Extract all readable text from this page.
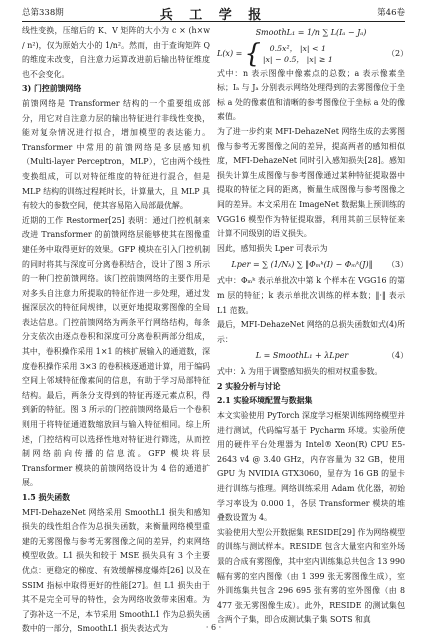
总第338期	兵 工 学 报	第46卷

线性变换，压缩后的 K、V 矩阵的大小为 c × (h×w / n²)，仅为原始大小的 1/n²。然而，由于查询矩阵 Q 的维度未改变，自注意力运算改进前后输出特征维度也不会变化。

3) 门控前馈网络

前馈网络是 Transformer 结构的一个重要组成部分，用它对自注意力层的输出特征进行非线性变换，能对复杂情况进行拟合，增加模型的表达能力。Transformer 中常用的前馈网络是多层感知机（Multi-layer Perceptron，MLP），它由两个线性变换组成，可以对特征维度的特征进行混合，但是 MLP 结构的训练过程耗时长，计算量大，且 MLP 具有较大的参数空间，使其容易陷入局部最优解。

近期的工作 Restormer[25] 表明：通过门控机制来改进 Transformer 的前馈网络层能够使其在图像重建任务中取得更好的效果。GFP 模块在引入门控机制的同时将其与深度可分离卷积结合，设计了图 3 所示的一种门控前馈网络。该门控前馈网络的主要作用是对多头自注意力所提取的特征作进一步处理，通过发掘深层次的特征间规律，以更好地提取雾图像的全局表达信息。门控前馈网络为两条平行网络结构，每条分支依次由逐点卷积和深度可分离卷积两部分组成，其中，卷积操作采用 1×1 的核扩展输入的通道数，深度卷积操作采用 3×3 的卷积核逐通道计算，用于编码空间上邻域特征像素间的信息，有助于学习局部特征结构。最后，两条分支得到的特征再逐元素点积，得到新的特征。图 3 所示的门控前馈网络最后一个卷积则用于将特征通道数缩放回与输入特征相同。综上所述，门控结构可以选择性地对特征进行筛选，从而控制网络前向传播的信息流。GFP 模块将层 Transformer 模块的前馈网络设计为 4 倍的通道扩展。

1.5 损失函数

MFI-DehazeNet 网络采用 SmoothL1 损失和感知损失的线性组合作为总损失函数，来衡量网络模型重建的无雾图像与参考无雾图像之间的差异，约束网络模型收敛。L1 损失和较于 MSE 损失具有 3 个主要优点：更稳定的梯度、有效缓解梯度爆炸[26] 以及在 SSIM 指标中取得更好的性能[27]。但 L1 损失由于其不是完全可导的特性，会为网络收敛带来困难。为了弥补这一不足，本节采用 SmoothL1 作为总损失函数中的一部分，SmoothL1 损失表达式为

SmoothL₁ = 1/n ∑ L(Iₐ − Jₐ)
L(x) = {	0.5x²， |x| < 1
|x| − 0.5， |x| ≥ 1
（2）

式中：n 表示图像中像素点的总数；a 表示像素坐标；Iₐ 与 Jₐ 分别表示网络处理得到的去雾图像位于坐标 a 处的像素值和清晰的参考图像位于坐标 a 处的像素值。

为了进一步约束 MFI-DehazeNet 网络生成的去雾图像与参考无雾图像之间的差异，提高两者的感知相似度，MFI-DehazeNet 同时引入感知损失[28]。感知损失计算生成图像与参考图像通过某种特征提取器中提取的特征之间的距离，衡量生成图像与参考图像之间的差异。本文采用在 ImageNet 数据集上预训练的 VGG16 模型作为特征提取器，利用其前三层特征来计算不同级别的语义损失。

因此，感知损失 Lper 可表示为

Lper = ∑ (1/Nₖ) ∑ ‖Φₘᵏ(I) − Φₘᵏ(J)‖	（3）

式中：Φₘᵏ 表示单批次中第 k 个样本在 VGG16 的第 m 层的特征；k 表示单批次训练的样本数；‖·‖ 表示 L1 范数。

最后，MFI-DehazeNet 网络的总损失函数如式(4)所示：

L = SmoothL₁ + λLper	（4）

式中：λ 为用于调整感知损失的相对权重参数。

2 实验分析与讨论

2.1 实验环境配置与数据集

本文实验使用 PyTorch 深度学习框架训练网络模型并进行测试，代码编写基于 Pycharm 环境。实验所使用的硬件平台处理器为 Intel® Xeon(R) CPU E5-2643 v4 @ 3.40 GHz，内存容量为 32 GB，使用 GPU 为 NVIDIA GTX3060，显存为 16 GB 的显卡进行训练与推理。网络训练采用 Adam 优化器，初始学习率设为 0.000 1，各层 Transformer 模块的堆叠数设置为 4。

实验使用大型公开数据集 RESIDE[29] 作为网络模型的训练与测试样本。RESIDE 包含大量室内和室外场景的合成有雾图像，其中室内训练集总共包含 13 990 幅有雾的室内图像（由 1 399 张无雾图像生成），室外训练集共包含 296 695 张有雾的室外图像（由 8 477 张无雾图像生成）。此外，RESIDE 的测试集包含两个子集，即合成测试集子集 SOTS 和真

· 6 ·
